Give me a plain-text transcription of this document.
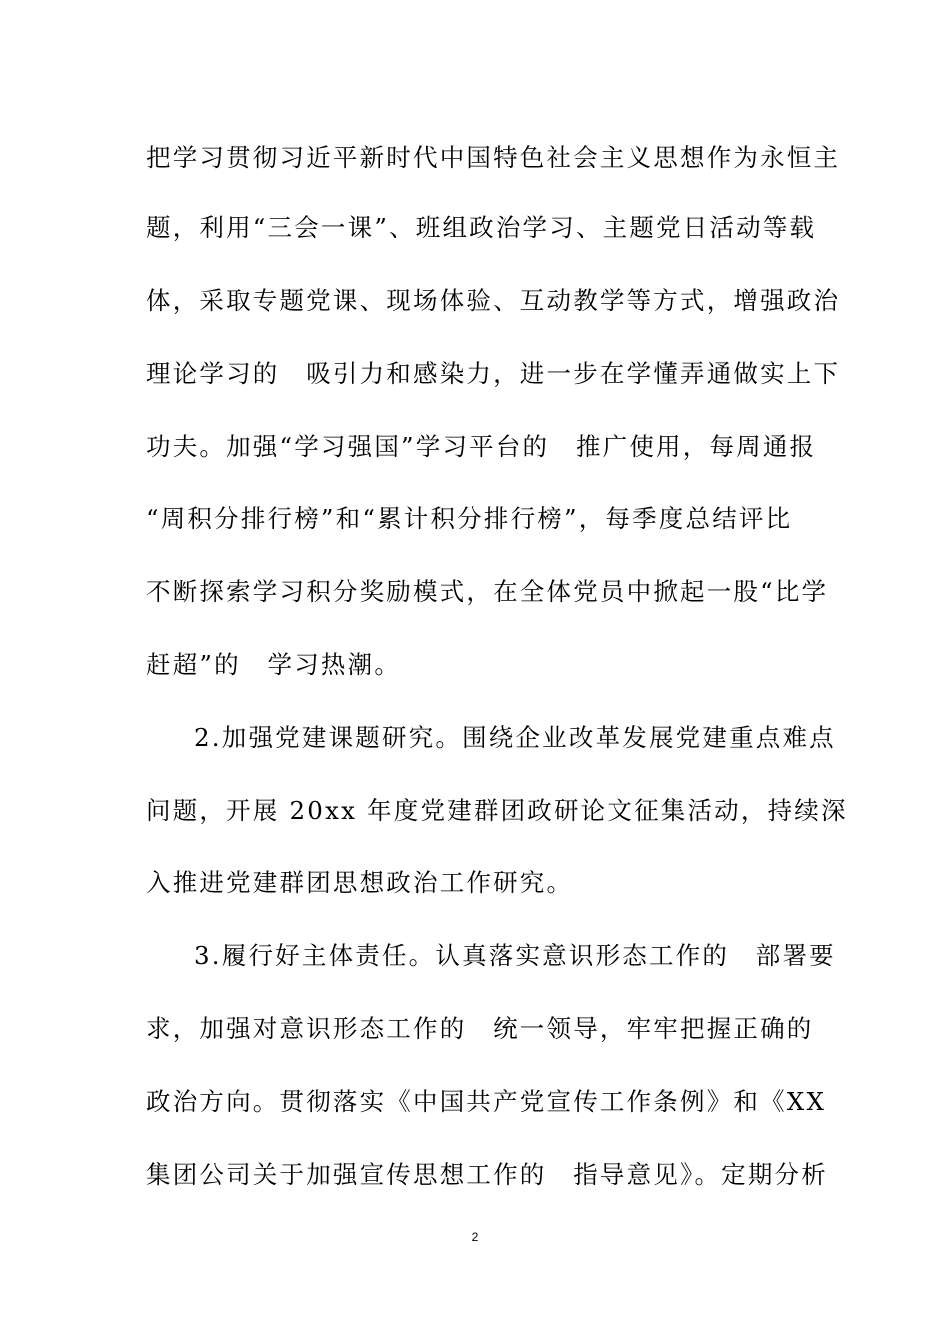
把学习贯彻习近平新时代中国特色社会主义思想作为永恒主
题，利用“三会一课”、班组政治学习、主题党日活动等载
体，采取专题党课、现场体验、互动教学等方式，增强政治
理论学习的　吸引力和感染力，进一步在学懂弄通做实上下
功夫。加强“学习强国”学习平台的　推广使用，每周通报
“周积分排行榜”和“累计积分排行榜”，每季度总结评比
不断探索学习积分奖励模式，在全体党员中掀起一股“比学
赶超”的　学习热潮。
2.加强党建课题研究。围绕企业改革发展党建重点难点
问题，开展 20xx 年度党建群团政研论文征集活动，持续深
入推进党建群团思想政治工作研究。
3.履行好主体责任。认真落实意识形态工作的　部署要
求，加强对意识形态工作的　统一领导，牢牢把握正确的
政治方向。贯彻落实《中国共产党宣传工作条例》和《XX
集团公司关于加强宣传思想工作的　指导意见》。定期分析
2
